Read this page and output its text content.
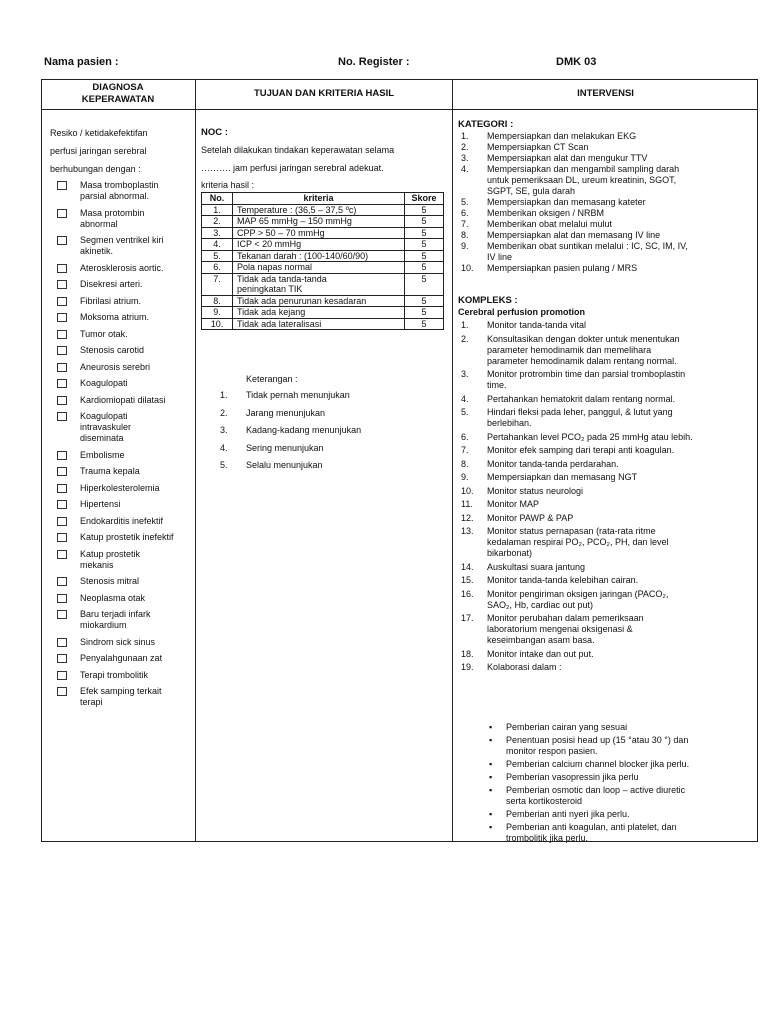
Nama pasien :	No. Register :	DMK 03
DIAGNOSA
KEPERAWATAN
TUJUAN DAN KRITERIA HASIL	INTERVENSI
Resiko / ketidakefektifan
perfusi jaringan serebral
berhubungan dengan :
Masa tromboplastin
parsial abnormal.
Masa protombin
abnormal
Segmen ventrikel kiri
akinetik.
Aterosklerosis aortic.
Disekresi arteri.
Fibrilasi atrium.
Moksoma atrium.
Tumor otak.
Stenosis carotid
Aneurosis serebri
Koagulopati
Kardiomiopati dilatasi
Koagulopati
intravaskuler
diseminata
Embolisme
Trauma kepala
Hiperkolesterolemia
Hipertensi
Endokarditis inefektif
Katup prostetik inefektif
Katup prostetik
mekanis
Stenosis mitral
Neoplasma otak
Baru terjadi infark
miokardium
Sindrom sick sinus
Penyalahgunaan zat
Terapi trombolitik
Efek samping terkait
terapi
NOC :
Setelah dilakukan tindakan keperawatan selama
………. jam perfusi jaringan serebral adekuat.
kriteria hasil :
No.	kriteria	Skore
1.	Temperature : (36,5 – 37,5 ºc)	5
2.	MAP 65 mmHg – 150 mmHg	5
3.	CPP > 50 – 70 mmHg	5
4.	ICP < 20 mmHg	5
5.	Tekanan darah : (100-140/60/90)	5
6.	Pola napas normal	5
7.	Tidak ada tanda-tanda
peningkatan TIK	5
8.	Tidak ada penurunan kesadaran	5
9.	Tidak ada kejang	5
10.	Tidak ada lateralisasi	5
Keterangan :
1.	Tidak pernah menunjukan
2.	Jarang menunjukan
3.	Kadang-kadang menunjukan
4.	Sering menunjukan
5.	Selalu menunjukan
KATEGORI :
1.	Mempersiapkan dan melakukan EKG
2.	Mempersiapkan CT Scan
3.	Mempersiapkan alat dan mengukur TTV
4.	Mempersiapkan dan mengambil sampling darah
untuk pemeriksaan DL, ureum kreatinin, SGOT,
SGPT, SE, gula darah
5.	Mempersiapkan dan memasang kateter
6.	Memberikan oksigen / NRBM
7.	Memberikan obat melalui mulut
8.	Mempersiapkan alat dan memasang IV line
9.	Memberikan obat suntikan melalui : IC, SC, IM, IV,
IV line
10.	Mempersiapkan pasien pulang / MRS
KOMPLEKS :
Cerebral perfusion promotion
1.	Monitor tanda-tanda vital
2.	Konsultasikan dengan dokter untuk menentukan
parameter hemodinamik dan memelihara
parameter hemodinamik dalam rentang normal.
3.	Monitor protrombin time dan parsial tromboplastin
time.
4.	Pertahankan hematokrit dalam rentang normal.
5.	Hindari fleksi pada leher, panggul, & lutut yang
berlebihan.
6.	Pertahankan level PCO₂ pada 25 mmHg atau lebih.
7.	Monitor efek samping dari terapi anti koagulan.
8.	Monitor tanda-tanda perdarahan.
9.	Mempersiapkan dan memasang NGT
10.	Monitor status neurologi
11.	Monitor MAP
12.	Monitor PAWP & PAP
13.	Monitor status pernapasan (rata-rata ritme
kedalaman respirai PO₂, PCO₂, PH, dan level
bikarbonat)
14.	Auskultasi suara jantung
15.	Monitor tanda-tanda kelebihan cairan.
16.	Monitor pengiriman oksigen jaringan (PACO₂,
SAO₂, Hb, cardiac out put)
17.	Monitor perubahan dalam pemeriksaan
laboratorium mengenai oksigenasi &
keseimbangan asam basa.
18.	Monitor intake dan out put.
19.	Kolaborasi dalam :
▪	Pemberian cairan yang sesuai
▪	Penentuan posisi head up (15 °atau 30 °) dan
monitor respon pasien.
▪	Pemberian calcium channel blocker jika perlu.
▪	Pemberian vasopressin jika perlu
▪	Pemberian osmotic dan loop – active diuretic
serta kortikosteroid
▪	Pemberian anti nyeri jika perlu.
▪	Pemberian anti koagulan, anti platelet, dan
trombolitik jika perlu.
